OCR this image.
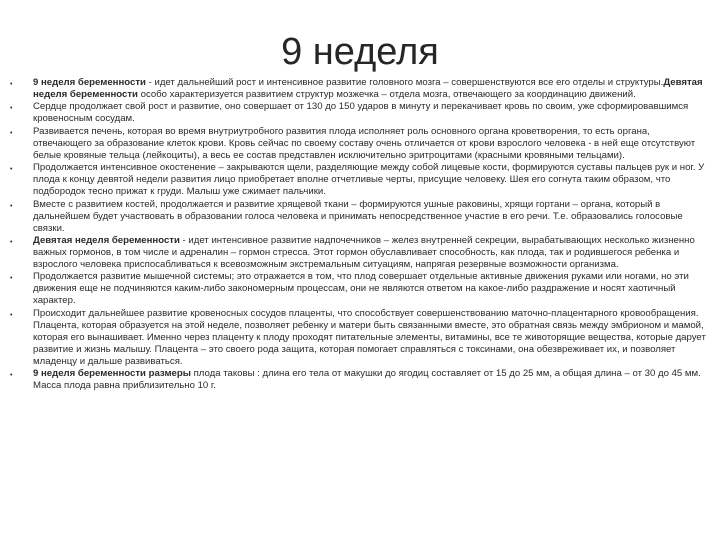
9 неделя
•	9 неделя беременности - идет дальнейший рост и интенсивное развитие головного мозга – совершенствуются все его отделы и структуры.Девятая неделя беременности особо характеризуется развитием структур мозжечка – отдела мозга, отвечающего за координацию движений.
•	Сердце продолжает свой рост и развитие, оно совершает от 130 до 150 ударов в минуту и перекачивает кровь по своим, уже сформировавшимся кровеносным сосудам.
•	Развивается печень, которая во время внутриутробного развития плода исполняет роль основного органа кроветворения, то есть органа, отвечающего за образование клеток крови. Кровь сейчас по своему составу очень отличается от крови взрослого человека - в ней еще отсутствуют белые кровяные тельца (лейкоциты), а весь ее состав представлен исключительно эритроцитами (красными кровяными тельцами).
•	Продолжается интенсивное окостенение – закрываются щели, разделяющие между собой лицевые кости, формируются суставы пальцев рук и ног. У плода к концу девятой недели развития лицо приобретает вполне отчетливые черты, присущие человеку. Шея его согнута таким образом, что подбородок тесно прижат к груди. Малыш уже сжимает пальчики.
•	Вместе с развитием костей, продолжается и развитие хрящевой ткани – формируются ушные раковины, хрящи гортани – органа, который в дальнейшем будет участвовать в образовании голоса человека и принимать непосредственное участие в его речи. Т.е. образовались голосовые связки.
•	Девятая неделя беременности - идет интенсивное развитие надпочечников – желез внутренней секреции, вырабатывающих несколько жизненно важных гормонов, в том числе и адреналин – гормон стресса. Этот гормон обуславливает способность, как плода, так и родившегося ребенка и взрослого человека приспосабливаться к всевозможным экстремальным ситуациям, напрягая резервные возможности организма.
•	Продолжается развитие мышечной системы; это отражается в том, что плод совершает отдельные активные движения руками или ногами, но эти движения еще не подчиняются каким-либо закономерным процессам, они не являются ответом на какое-либо раздражение и носят хаотичный характер.
•	Происходит дальнейшее развитие кровеносных сосудов плаценты, что способствует совершенствованию маточно-плацентарного кровообращения. Плацента, которая образуется на этой неделе, позволяет ребенку и матери быть связанными вместе, это обратная связь между эмбрионом и мамой, которая его вынашивает. Именно через плаценту к плоду проходят питательные элементы, витамины, все те животорящие вещества, которые дарует развитие и жизнь малышу. Плацента – это своего рода защита, которая помогает справляться с токсинами, она обезвреживает их, и позволяет младенцу и дальше развиваться.
•	9 неделя беременности размеры плода таковы : длина его тела от макушки до ягодиц составляет от 15 до 25 мм, а общая длина – от 30 до 45 мм. Масса плода равна приблизительно 10 г.
